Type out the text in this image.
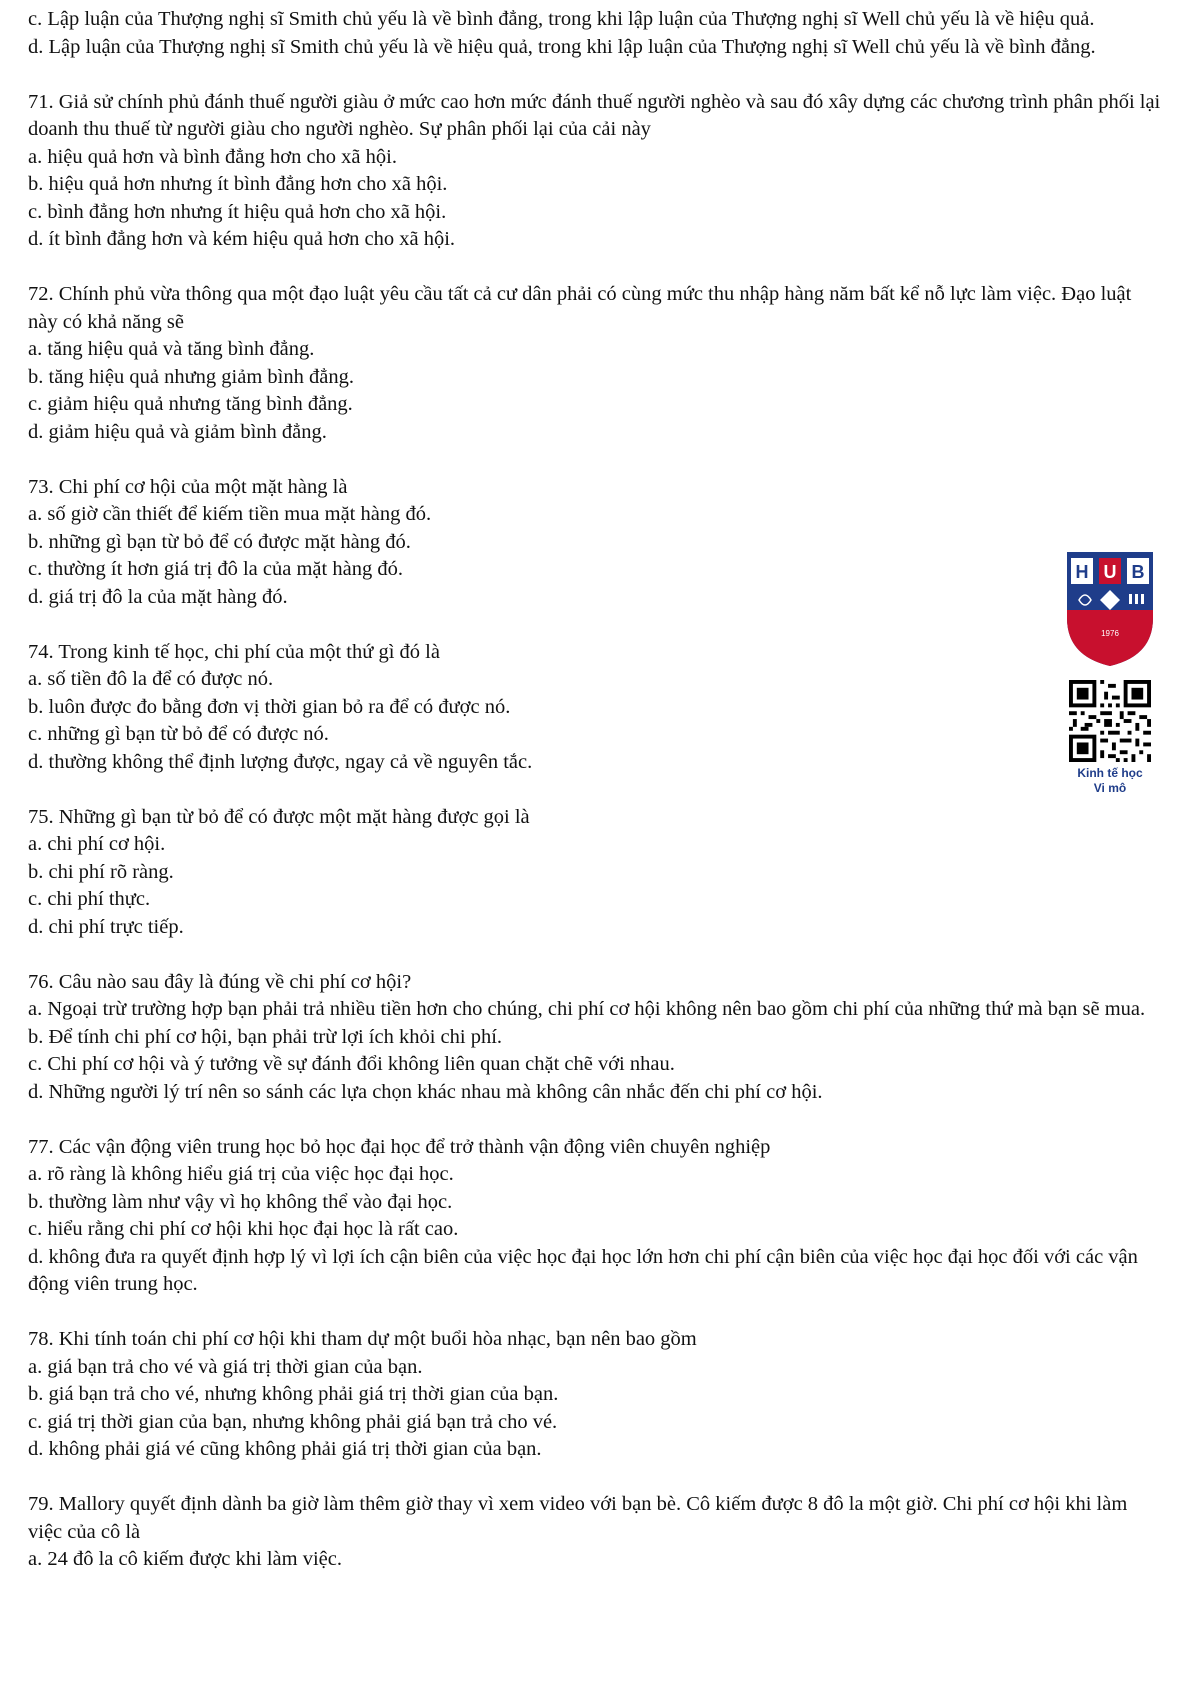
c. Lập luận của Thượng nghị sĩ Smith chủ yếu là về bình đẳng, trong khi lập luận của Thượng nghị sĩ Well chủ yếu là về hiệu quả.
d. Lập luận của Thượng nghị sĩ Smith chủ yếu là về hiệu quả, trong khi lập luận của Thượng nghị sĩ Well chủ yếu là về bình đẳng.
71. Giả sử chính phủ đánh thuế người giàu ở mức cao hơn mức đánh thuế người nghèo và sau đó xây dựng các chương trình phân phối lại doanh thu thuế từ người giàu cho người nghèo. Sự phân phối lại của cải này
a. hiệu quả hơn và bình đẳng hơn cho xã hội.
b. hiệu quả hơn nhưng ít bình đẳng hơn cho xã hội.
c. bình đẳng hơn nhưng ít hiệu quả hơn cho xã hội.
d. ít bình đẳng hơn và kém hiệu quả hơn cho xã hội.
72. Chính phủ vừa thông qua một đạo luật yêu cầu tất cả cư dân phải có cùng mức thu nhập hàng năm bất kể nỗ lực làm việc. Đạo luật này có khả năng sẽ
a. tăng hiệu quả và tăng bình đẳng.
b. tăng hiệu quả nhưng giảm bình đẳng.
c. giảm hiệu quả nhưng tăng bình đẳng.
d. giảm hiệu quả và giảm bình đẳng.
73. Chi phí cơ hội của một mặt hàng là
a. số giờ cần thiết để kiếm tiền mua mặt hàng đó.
b. những gì bạn từ bỏ để có được mặt hàng đó.
c. thường ít hơn giá trị đô la của mặt hàng đó.
d. giá trị đô la của mặt hàng đó.
74. Trong kinh tế học, chi phí của một thứ gì đó là
a. số tiền đô la để có được nó.
b. luôn được đo bằng đơn vị thời gian bỏ ra để có được nó.
c. những gì bạn từ bỏ để có được nó.
d. thường không thể định lượng được, ngay cả về nguyên tắc.
75. Những gì bạn từ bỏ để có được một mặt hàng được gọi là
a. chi phí cơ hội.
b. chi phí rõ ràng.
c. chi phí thực.
d. chi phí trực tiếp.
76. Câu nào sau đây là đúng về chi phí cơ hội?
a. Ngoại trừ trường hợp bạn phải trả nhiều tiền hơn cho chúng, chi phí cơ hội không nên bao gồm chi phí của những thứ mà bạn sẽ mua.
b. Để tính chi phí cơ hội, bạn phải trừ lợi ích khỏi chi phí.
c. Chi phí cơ hội và ý tưởng về sự đánh đổi không liên quan chặt chẽ với nhau.
d. Những người lý trí nên so sánh các lựa chọn khác nhau mà không cân nhắc đến chi phí cơ hội.
77. Các vận động viên trung học bỏ học đại học để trở thành vận động viên chuyên nghiệp
a. rõ ràng là không hiểu giá trị của việc học đại học.
b. thường làm như vậy vì họ không thể vào đại học.
c. hiểu rằng chi phí cơ hội khi học đại học là rất cao.
d. không đưa ra quyết định hợp lý vì lợi ích cận biên của việc học đại học lớn hơn chi phí cận biên của việc học đại học đối với các vận động viên trung học.
78. Khi tính toán chi phí cơ hội khi tham dự một buổi hòa nhạc, bạn nên bao gồm
a. giá bạn trả cho vé và giá trị thời gian của bạn.
b. giá bạn trả cho vé, nhưng không phải giá trị thời gian của bạn.
c. giá trị thời gian của bạn, nhưng không phải giá bạn trả cho vé.
d. không phải giá vé cũng không phải giá trị thời gian của bạn.
79. Mallory quyết định dành ba giờ làm thêm giờ thay vì xem video với bạn bè. Cô kiếm được 8 đô la một giờ. Chi phí cơ hội khi làm việc của cô là
a. 24 đô la cô kiếm được khi làm việc.
H U B
1976
Kinh tế học
Vi mô
